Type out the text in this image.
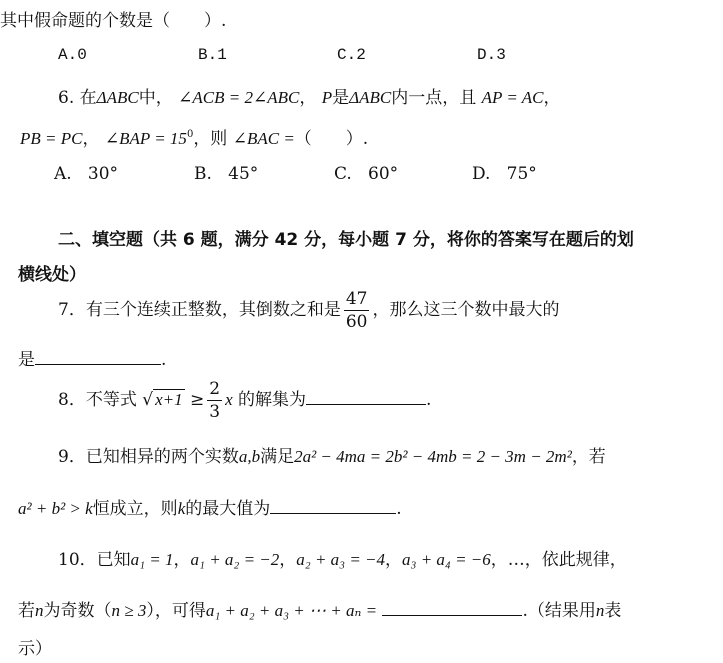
其中假命题的个数是（　　）.
A.0	B.1	C.2	D.3
6. 在ΔABC中， ∠ACB = 2∠ABC， P是ΔABC内一点，且 AP = AC，
PB = PC， ∠BAP = $15^0$，则 ∠BAC =（　　）.
A. 30°	B. 45°	C. 60°	D. 75°
二、填空题（共 6 题，满分 42 分，每小题 7 分，将你的答案写在题后的划
横线处）
7．有三个连续正整数，其倒数之和是 $\frac{47}{60}$ ，那么这三个数中最大的
是	.
8．不等式 √ $x+1 \ge \frac{2}{3}$ x 的解集为	.
9．已知相异的两个实数a,b满足2a² − 4ma = 2b² − 4mb = 2 − 3m − 2m²，若
a² + b² > k恒成立，则k的最大值为	.
10．已知a₁ = 1，a₁ + a₂ = −2，a₂ + a₃ = −4，a₃ + a₄ = −6，…，依此规律，
若n为奇数（n ≥ 3），可得a₁ + a₂ + a₃ + ⋯ + aₙ =	.（结果用n表
示）
